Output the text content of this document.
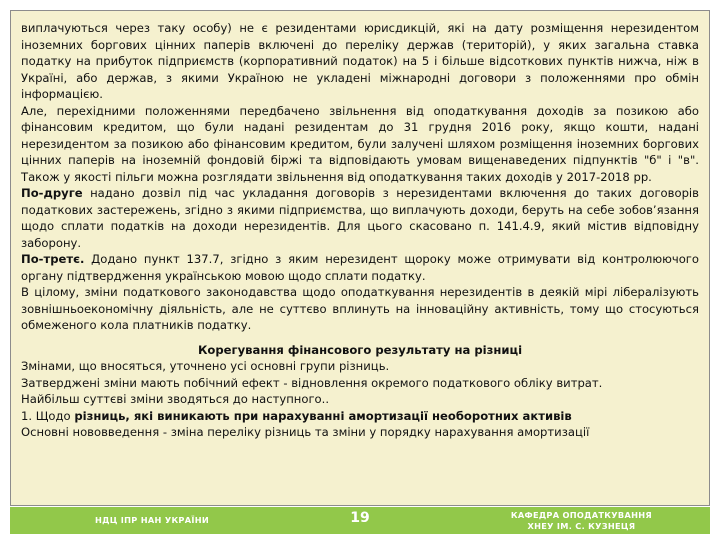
виплачуються через таку особу) не є резидентами юрисдикцій, які на дату розміщення нерезидентом іноземних боргових цінних паперів включені до переліку держав (територій), у яких загальна ставка податку на прибуток підприємств (корпоративний податок) на 5 і більше відсоткових пунктів нижча, ніж в Україні, або держав, з якими Україною не укладені міжнародні договори з положеннями про обмін інформацією.

Але, перехідними положеннями передбачено звільнення від оподаткування доходів за позикою або фінансовим кредитом, що були надані резидентам до 31 грудня 2016 року, якщо кошти, надані нерезидентом за позикою або фінансовим кредитом, були залучені шляхом розміщення іноземних боргових цінних паперів на іноземній фондовій біржі та відповідають умовам вищенаведених підпунктів "б" і "в". Також у якості пільги можна розглядати звільнення від оподаткування таких доходів у 2017-2018 рр.

По-друге надано дозвіл під час укладання договорів з нерезидентами включення до таких договорів податкових застережень, згідно з якими підприємства, що виплачують доходи, беруть на себе зобов’язання щодо сплати податків на доходи нерезидентів. Для цього скасовано п. 141.4.9, який містив відповідну заборону.

По-третє. Додано пункт 137.7, згідно з яким нерезидент щороку може отримувати від контролюючого органу підтвердження українською мовою щодо сплати податку.

В цілому, зміни податкового законодавства щодо оподаткування нерезидентів в деякій мірі лібералізують зовнішньоекономічну діяльність, але не суттєво вплинуть на інноваційну активність, тому що стосуються обмеженого кола платників податку.

Корегування фінансового результату на різниці

Змінами, що вносяться, уточнено усі основні групи різниць.

Затверджені зміни мають побічний ефект - відновлення окремого податкового обліку витрат.

Найбільш суттєві зміни зводяться до наступного..

1. Щодо різниць, які виникають при нарахуванні амортизації необоротних активів

Основні нововведення - зміна переліку різниць та зміни у порядку нарахування амортизації

НДЦ ІПР НАН УКРАЇНИ	19	КАФЕДРА ОПОДАТКУВАННЯ
ХНЕУ ІМ. С. КУЗНЕЦЯ
